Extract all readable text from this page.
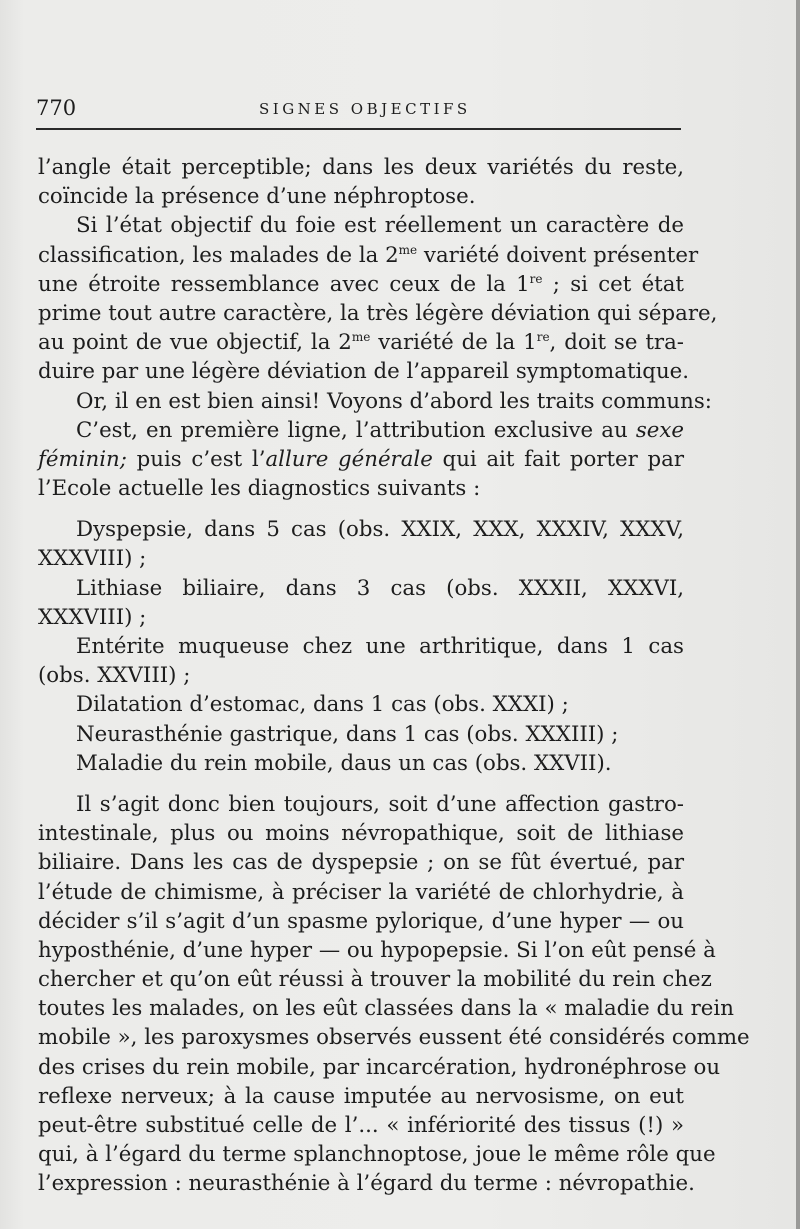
770	SIGNES OBJECTIFS
l’angle était perceptible; dans les deux variétés du reste,
coïncide la présence d’une néphroptose.
Si l’état objectif du foie est réellement un caractère de
classification, les malades de la $2^{me}$ variété doivent présenter
une étroite ressemblance avec ceux de la 1re ; si cet état
prime tout autre caractère, la très légère déviation qui sépare,
au point de vue objectif, la $2^{me}$ variété de la 1re, doit se tra-
duire par une légère déviation de l’appareil symptomatique.
Or, il en est bien ainsi! Voyons d’abord les traits communs:
C’est, en première ligne, l’attribution exclusive au sexe
féminin; puis c’est l’allure générale qui ait fait porter par
l’Ecole actuelle les diagnostics suivants :
Dyspepsie, dans 5 cas (obs. XXIX, XXX, XXXIV, XXXV,
XXXVIII) ;
Lithiase biliaire, dans 3 cas (obs. XXXII, XXXVI,
XXXVIII) ;
Entérite muqueuse chez une arthritique, dans 1 cas
(obs. XXVIII) ;
Dilatation d’estomac, dans 1 cas (obs. XXXI) ;
Neurasthénie gastrique, dans 1 cas (obs. XXXIII) ;
Maladie du rein mobile, daus un cas (obs. XXVII).
Il s’agit donc bien toujours, soit d’une affection gastro-
intestinale, plus ou moins névropathique, soit de lithiase
biliaire. Dans les cas de dyspepsie ; on se fût évertué, par
l’étude de chimisme, à préciser la variété de chlorhydrie, à
décider s’il s’agit d’un spasme pylorique, d’une hyper — ou
hyposthénie, d’une hyper — ou hypopepsie. Si l’on eût pensé à
chercher et qu’on eût réussi à trouver la mobilité du rein chez
toutes les malades, on les eût classées dans la « maladie du rein
mobile », les paroxysmes observés eussent été considérés comme
des crises du rein mobile, par incarcération, hydronéphrose ou
reflexe nerveux; à la cause imputée au nervosisme, on eut
peut-être substitué celle de l’... « infériorité des tissus (!) »
qui, à l’égard du terme splanchnoptose, joue le même rôle que
l’expression : neurasthénie à l’égard du terme : névropathie.
